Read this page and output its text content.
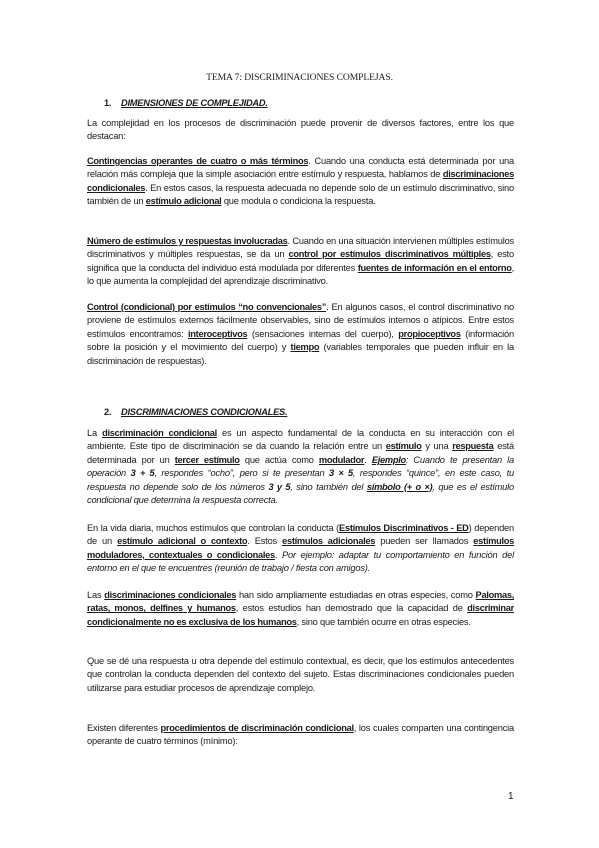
TEMA 7: DISCRIMINACIONES COMPLEJAS.
1. DIMENSIONES DE COMPLEJIDAD.
La complejidad en los procesos de discriminación puede provenir de diversos factores, entre los que destacan:
Contingencias operantes de cuatro o más términos. Cuando una conducta está determinada por una relación más compleja que la simple asociación entre estímulo y respuesta, hablamos de discriminaciones condicionales. En estos casos, la respuesta adecuada no depende solo de un estímulo discriminativo, sino también de un estímulo adicional que modula o condiciona la respuesta.
Número de estímulos y respuestas involucradas. Cuando en una situación intervienen múltiples estímulos discriminativos y múltiples respuestas, se da un control por estímulos discriminativos múltiples, esto significa que la conducta del individuo está modulada por diferentes fuentes de información en el entorno, lo que aumenta la complejidad del aprendizaje discriminativo.
Control (condicional) por estímulos “no convencionales”. En algunos casos, el control discriminativo no proviene de estímulos externos fácilmente observables, sino de estímulos internos o atípicos. Entre estos estímulos encontramos: interoceptivos (sensaciones internas del cuerpo), propioceptivos (información sobre la posición y el movimiento del cuerpo) y tiempo (variables temporales que pueden influir en la discriminación de respuestas).
2. DISCRIMINACIONES CONDICIONALES.
La discriminación condicional es un aspecto fundamental de la conducta en su interacción con el ambiente. Este tipo de discriminación se da cuando la relación entre un estímulo y una respuesta está determinada por un tercer estímulo que actúa como modulador. Ejemplo: Cuando te presentan la operación 3 + 5, respondes “ocho”, pero si te presentan 3 × 5, respondes “quince”, en este caso, tu respuesta no depende solo de los números 3 y 5, sino también del símbolo (+ o ×), que es el estímulo condicional que determina la respuesta correcta.
En la vida diaria, muchos estímulos que controlan la conducta (Estímulos Discriminativos - ED) dependen de un estímulo adicional o contexto. Estos estímulos adicionales pueden ser llamados estímulos moduladores, contextuales o condicionales. Por ejemplo: adaptar tu comportamiento en función del entorno en el que te encuentres (reunión de trabajo / fiesta con amigos).
Las discriminaciones condicionales han sido ampliamente estudiadas en otras especies, como Palomas, ratas, monos, delfines y humanos, estos estudios han demostrado que la capacidad de discriminar condicionalmente no es exclusiva de los humanos, sino que también ocurre en otras especies.
Que se dé una respuesta u otra depende del estímulo contextual, es decir, que los estímulos antecedentes que controlan la conducta dependen del contexto del sujeto. Estas discriminaciones condicionales pueden utilizarse para estudiar procesos de aprendizaje complejo.
Existen diferentes procedimientos de discriminación condicional, los cuales comparten una contingencia operante de cuatro términos (mínimo):
1
